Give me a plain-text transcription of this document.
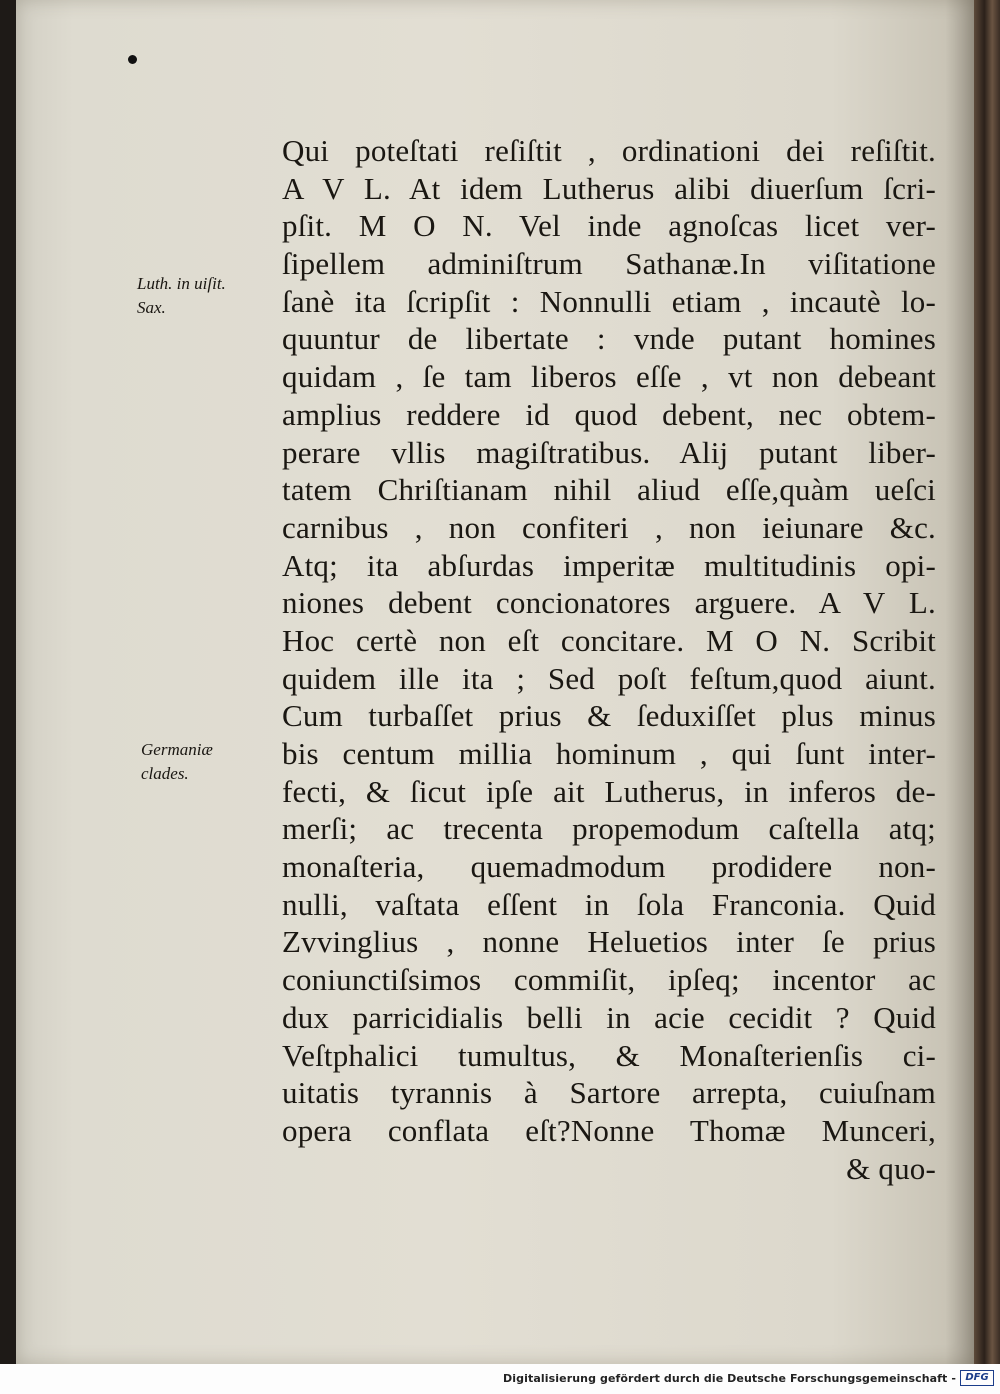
Luth. in uiſit.
Sax.
Germaniæ
clades.
Qui poteſtati reſiſtit , ordinationi dei reſiſtit.
A V L. At idem Lutherus alibi diuerſum ſcri-
pſit. M O N. Vel inde agnoſcas licet ver-
ſipellem adminiſtrum Sathanæ.In viſitatione
ſanè ita ſcripſit : Nonnulli etiam , incautè lo-
quuntur de libertate : vnde putant homines
quidam , ſe tam liberos eſſe , vt non debeant
amplius reddere id quod debent, nec obtem-
perare vllis magiſtratibus. Alij putant liber-
tatem Chriſtianam nihil aliud eſſe,quàm uеſci
carnibus , non confiteri , non ieiunare &c.
Atq; ita abſurdas imperitæ multitudinis opi-
niones debent concionatores arguere. A V L.
Hoc certè non eſt concitare. M O N. Scribit
quidem ille ita ; Sed poſt feſtum,quod aiunt.
Cum turbaſſet prius & ſeduxiſſet plus minus
bis centum millia hominum , qui ſunt inter-
fecti, & ſicut ipſe ait Lutherus, in inferos de-
merſi; ac trecenta propemodum caſtella atq;
monaſteria, quemadmodum prodidere non-
nulli, vaſtata eſſent in ſola Franconia. Quid
Zvvinglius , nonne Heluetios inter ſe prius
coniunctiſsimos commiſit, ipſeq; incentor ac
dux parricidialis belli in acie cecidit ? Quid
Veſtphalici tumultus, & Monaſterienſis ci-
uitatis tyrannis à Sartore arrepta, cuiuſnam
opera conflata eſt?Nonne Thomæ Munceri,
& quo-
Digitalisierung gefördert durch die Deutsche Forschungsgemeinschaft - DFG
